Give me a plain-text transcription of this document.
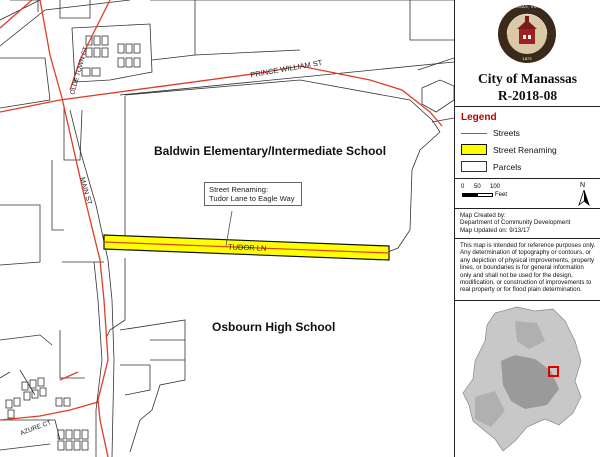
PRINCE WILLIAM ST
OLDE TOWN CT
MAIN ST
TUDOR LN
AZURE CT
Baldwin Elementary/Intermediate School
Osbourn High School
Street Renaming:
Tudor Lane to Eagle Way
MANASSAS, VIRGINIA
1873
City of Manassas
R-2018-08
Legend
Streets
Street Renaming
Parcels
0 50 100
Feet
N
Map Created by:
Department of Community Development
Map Updated on: 9/13/17
This map is intended for reference purposes only. Any determination of topography or contours, or any depiction of physical improvements, property lines, or boundaries is for general information only and shall not be used for the design, modification, or construction of improvements to real property or for flood plain determination.
